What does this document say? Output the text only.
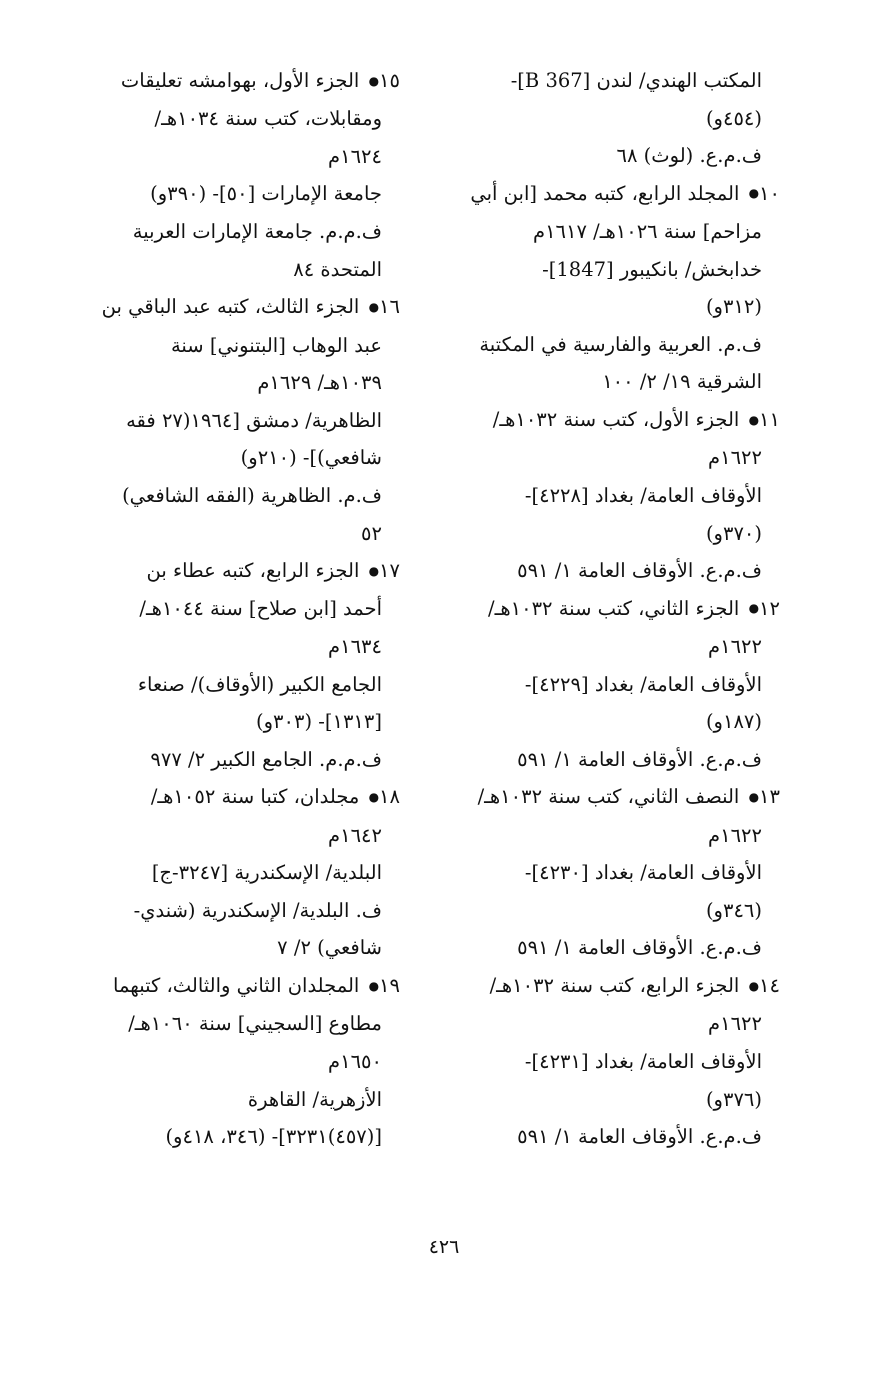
المكتب الهندي/ لندن [B 367]-
(٤٥٤و)
ف.م.ع. (لوث) ٦٨
١٠● المجلد الرابع، كتبه محمد [ابن أبي
مزاحم] سنة ١٠٢٦هـ/ ١٦١٧م
خدابخش/ بانكيبور [1847]-
(٣١٢و)
ف.م. العربية والفارسية في المكتبة
الشرقية ١٩/ ٢/ ١٠٠
١١● الجزء الأول، كتب سنة ١٠٣٢هـ/
١٦٢٢م
الأوقاف العامة/ بغداد [٤٢٢٨]-
(٣٧٠و)
ف.م.ع. الأوقاف العامة ١/ ٥٩١
١٢● الجزء الثاني، كتب سنة ١٠٣٢هـ/
١٦٢٢م
الأوقاف العامة/ بغداد [٤٢٢٩]-
(١٨٧و)
ف.م.ع. الأوقاف العامة ١/ ٥٩١
١٣● النصف الثاني، كتب سنة ١٠٣٢هـ/
١٦٢٢م
الأوقاف العامة/ بغداد [٤٢٣٠]-
(٣٤٦و)
ف.م.ع. الأوقاف العامة ١/ ٥٩١
١٤● الجزء الرابع، كتب سنة ١٠٣٢هـ/
١٦٢٢م
الأوقاف العامة/ بغداد [٤٢٣١]-
(٣٧٦و)
ف.م.ع. الأوقاف العامة ١/ ٥٩١
١٥● الجزء الأول، بهوامشه تعليقات
ومقابلات، كتب سنة ١٠٣٤هـ/
١٦٢٤م
جامعة الإمارات [٥٠]- (٣٩٠و)
ف.م.م. جامعة الإمارات العربية
المتحدة ٨٤
١٦● الجزء الثالث، كتبه عبد الباقي بن
عبد الوهاب [البتنوني] سنة
١٠٣٩هـ/ ١٦٢٩م
الظاهرية/ دمشق [١٩٦٤(٢٧ فقه
شافعي)]- (٢١٠و)
ف.م. الظاهرية (الفقه الشافعي)
٥٢
١٧● الجزء الرابع، كتبه عطاء بن
أحمد [ابن صلاح] سنة ١٠٤٤هـ/
١٦٣٤م
الجامع الكبير (الأوقاف)/ صنعاء
[١٣١٣]- (٣٠٣و)
ف.م.م. الجامع الكبير ٢/ ٩٧٧
١٨● مجلدان، كتبا سنة ١٠٥٢هـ/
١٦٤٢م
البلدية/ الإسكندرية [٣٢٤٧-ج]
ف. البلدية/ الإسكندرية (شندي-
شافعي) ٢/ ٧
١٩● المجلدان الثاني والثالث، كتبهما
مطاوع [السجيني] سنة ١٠٦٠هـ/
١٦٥٠م
الأزهرية/ القاهرة
[(٤٥٧)٣٢٣١]- (٣٤٦، ٤١٨و)
٤٢٦
